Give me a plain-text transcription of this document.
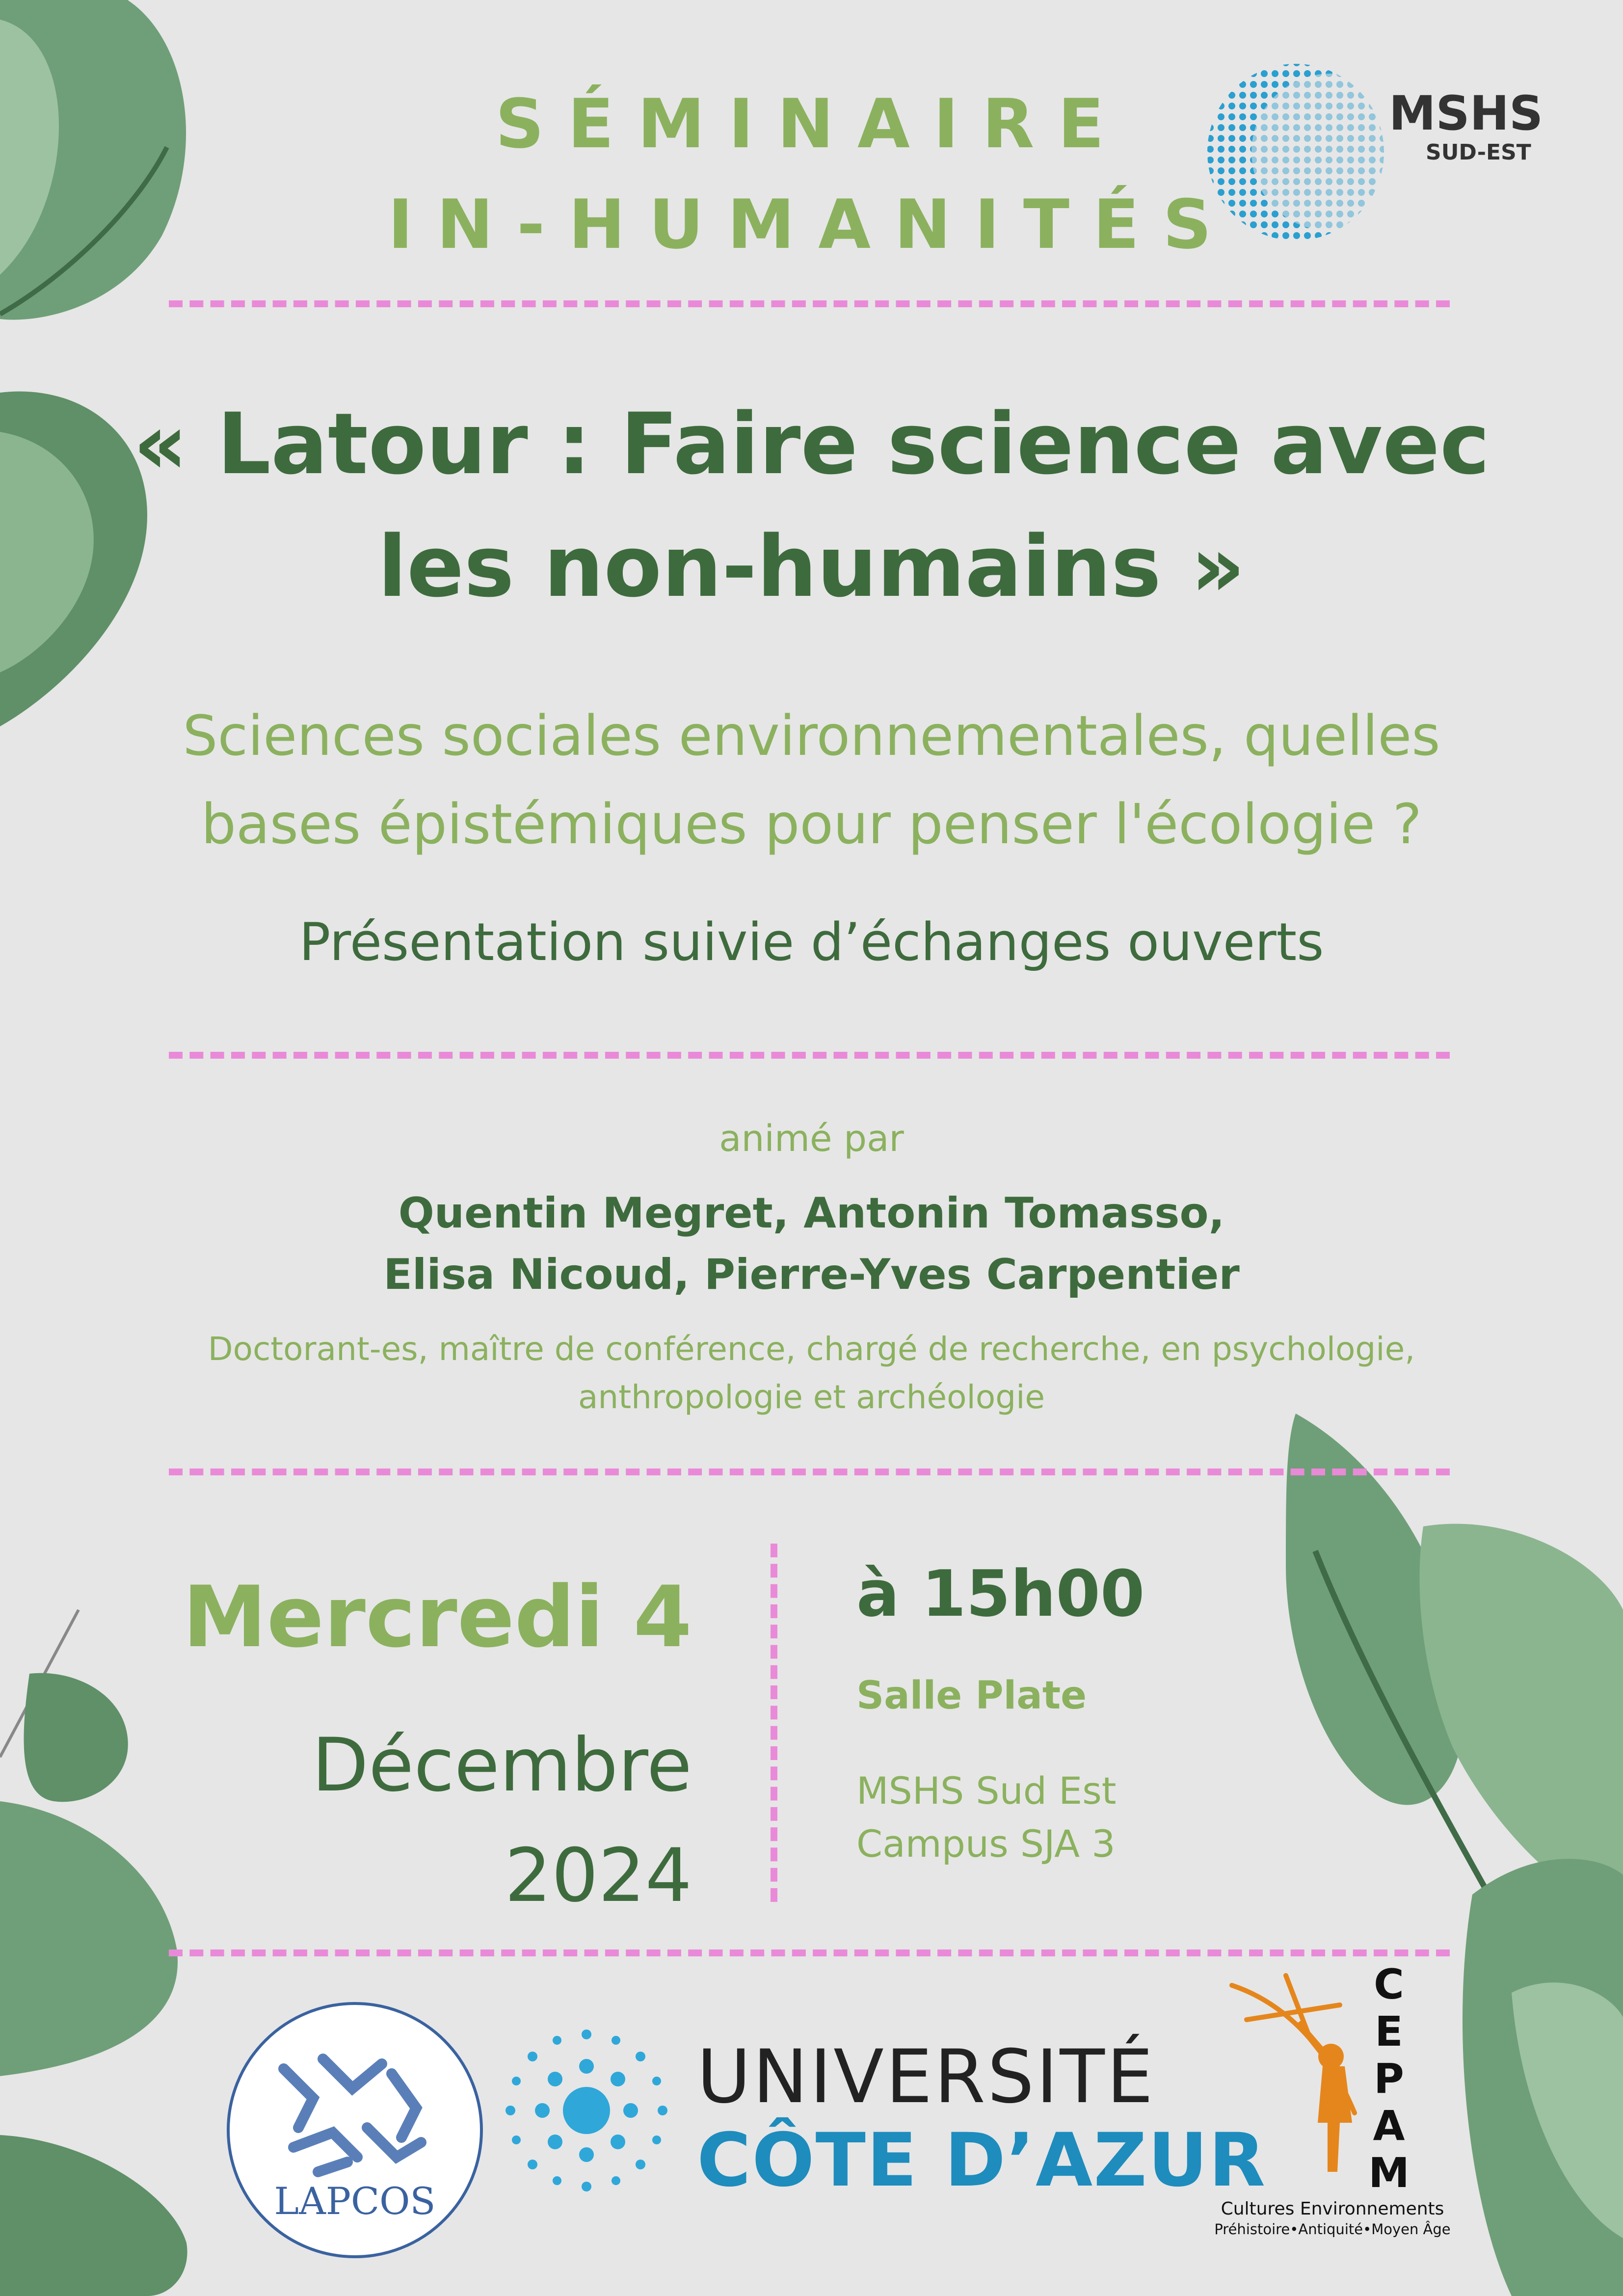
MSHS
SUD-EST
SÉMINAIRE
IN-HUMANITÉS
« Latour : Faire science avec
les non-humains »
Sciences sociales environnementales, quelles
bases épistémiques pour penser l'écologie ?
Présentation suivie d’échanges ouverts
animé par
Quentin Megret, Antonin Tomasso,
Elisa Nicoud, Pierre-Yves Carpentier
Doctorant-es, maître de conférence, chargé de recherche, en psychologie,
anthropologie et archéologie
Mercredi 4
Décembre
2024
à 15h00
Salle Plate
MSHS Sud Est
Campus SJA 3
LAPCOS
UNIVERSITÉ
CÔTE D’AZUR
C
E
P
A
M
Cultures Environnements
Préhistoire•Antiquité•Moyen Âge
